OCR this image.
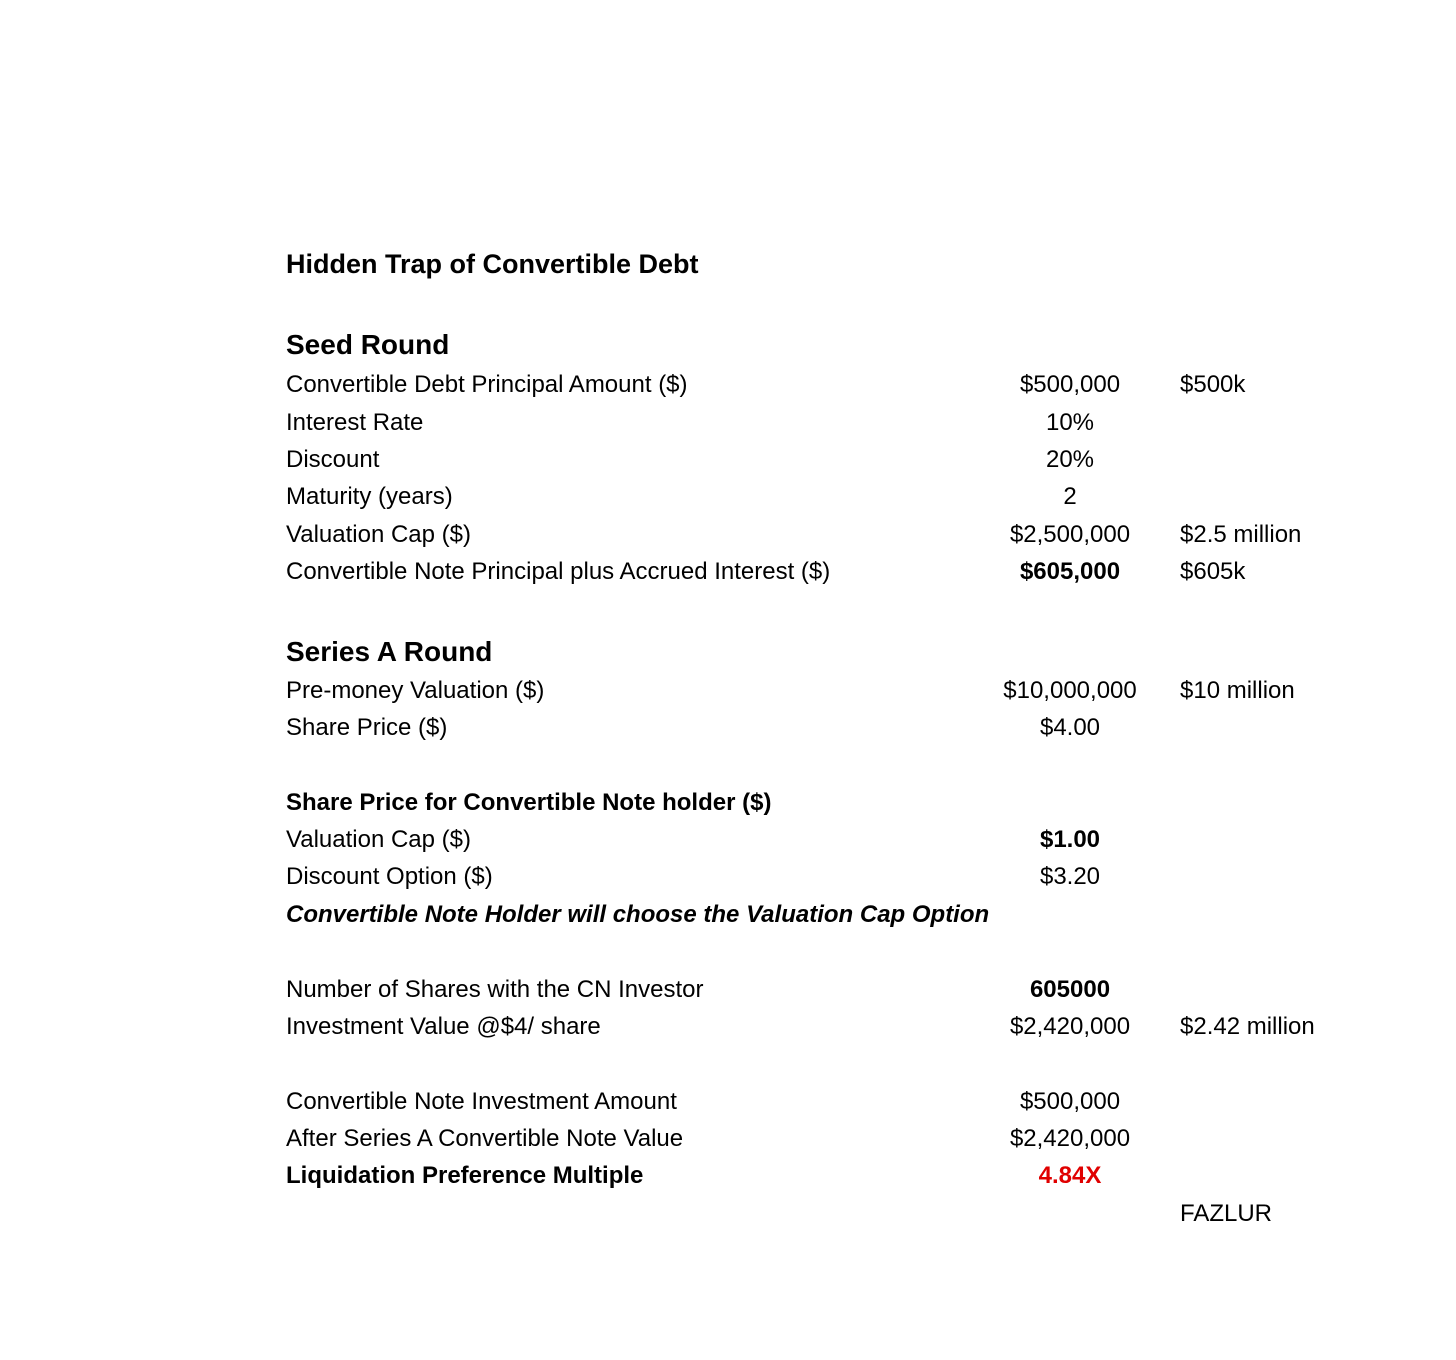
Hidden Trap of Convertible Debt
Seed Round
Convertible Debt Principal Amount ($)	$500,000	$500k
Interest Rate	10%
Discount	20%
Maturity (years)	2
Valuation Cap ($)	$2,500,000	$2.5 million
Convertible Note Principal plus Accrued Interest ($)	$605,000	$605k
Series A Round
Pre-money Valuation ($)	$10,000,000	$10 million
Share Price ($)	$4.00
Share Price for Convertible Note holder ($)
Valuation Cap ($)	$1.00
Discount Option ($)	$3.20
Convertible Note Holder will choose the Valuation Cap Option
Number of Shares with the CN Investor	605000
Investment Value @$4/ share	$2,420,000	$2.42 million
Convertible Note Investment Amount	$500,000
After Series A Convertible Note Value	$2,420,000
Liquidation Preference Multiple	4.84X
FAZLUR
